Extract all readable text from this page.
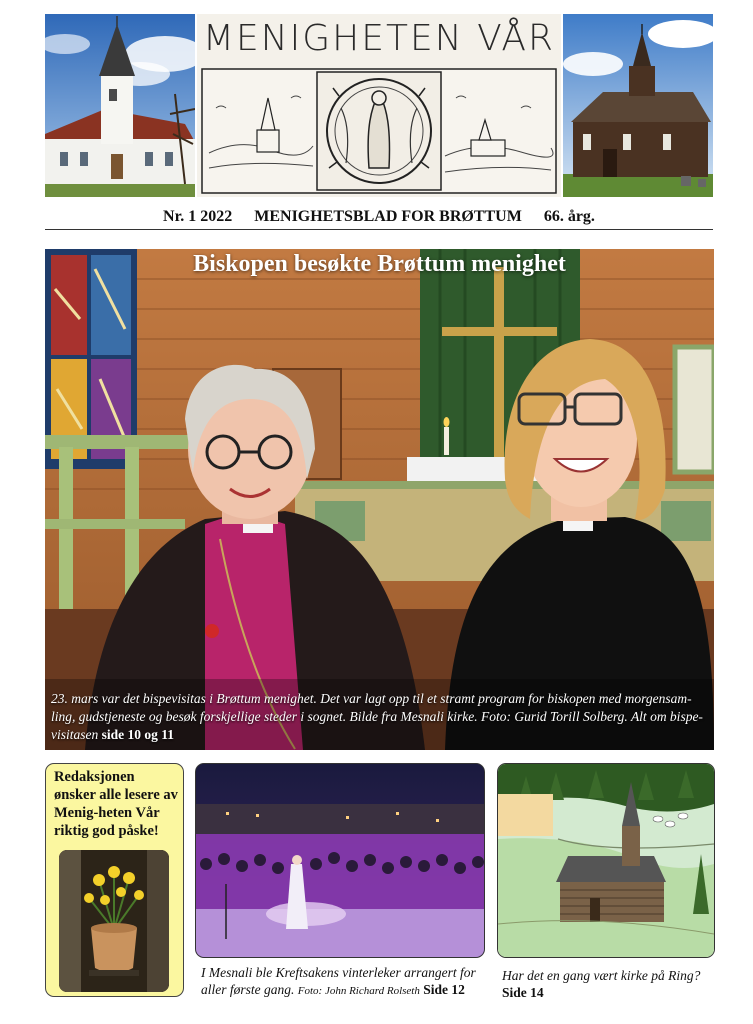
MENIGHETEN VÅR
Nr. 1 2022 MENIGHETSBLAD FOR BRØTTUM 66. årg.
Biskopen besøkte Brøttum menighet
23. mars var det bispevisitas i Brøttum menighet. Det var lagt opp til et stramt program for biskopen med morgensam-ling, gudstjeneste og besøk forskjellige steder i sognet. Bilde fra Mesnali kirke. Foto: Gurid Torill Solberg. Alt om bispe-visitasen side 10 og 11
Redaksjonen ønsker alle lesere av Menig-heten Vår riktig god påske!
I Mesnali ble Kreftsakens vinterleker arrangert for aller første gang. Foto: John Richard Rolseth Side 12
Har det en gang vært kirke på Ring?
Side 14
